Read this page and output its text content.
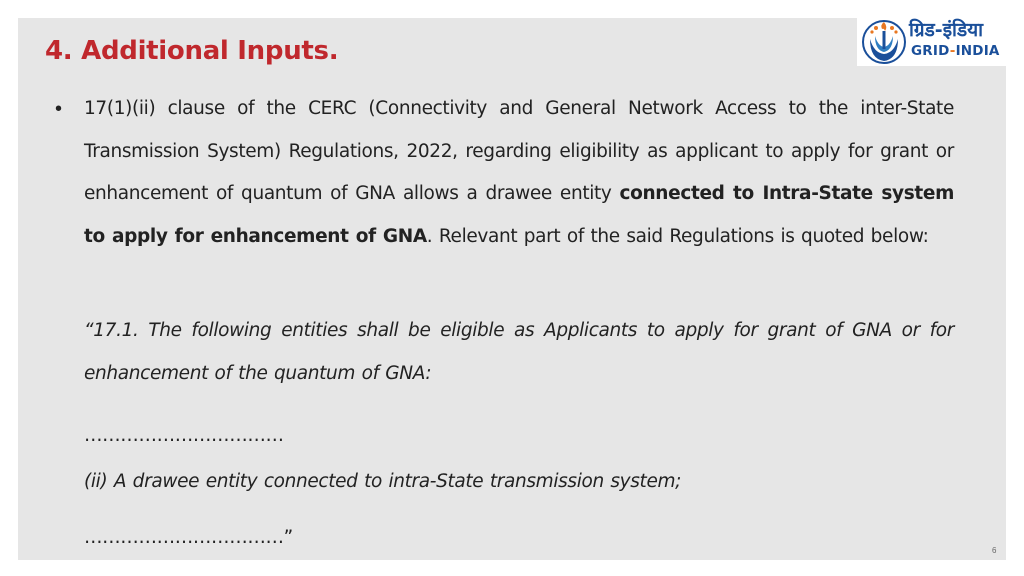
4. Additional Inputs.
ग्रिड-इंडिया
GRID-INDIA
• 17(1)(ii) clause of the CERC (Connectivity and General Network Access to the inter-State Transmission System) Regulations, 2022, regarding eligibility as applicant to apply for grant or enhancement of quantum of GNA allows a drawee entity connected to Intra-State system to apply for enhancement of GNA. Relevant part of the said Regulations is quoted below:

“17.1. The following entities shall be eligible as Applicants to apply for grant of GNA or for enhancement of the quantum of GNA:

……………………………

(ii) A drawee entity connected to intra-State transmission system;

……………………………”

6
